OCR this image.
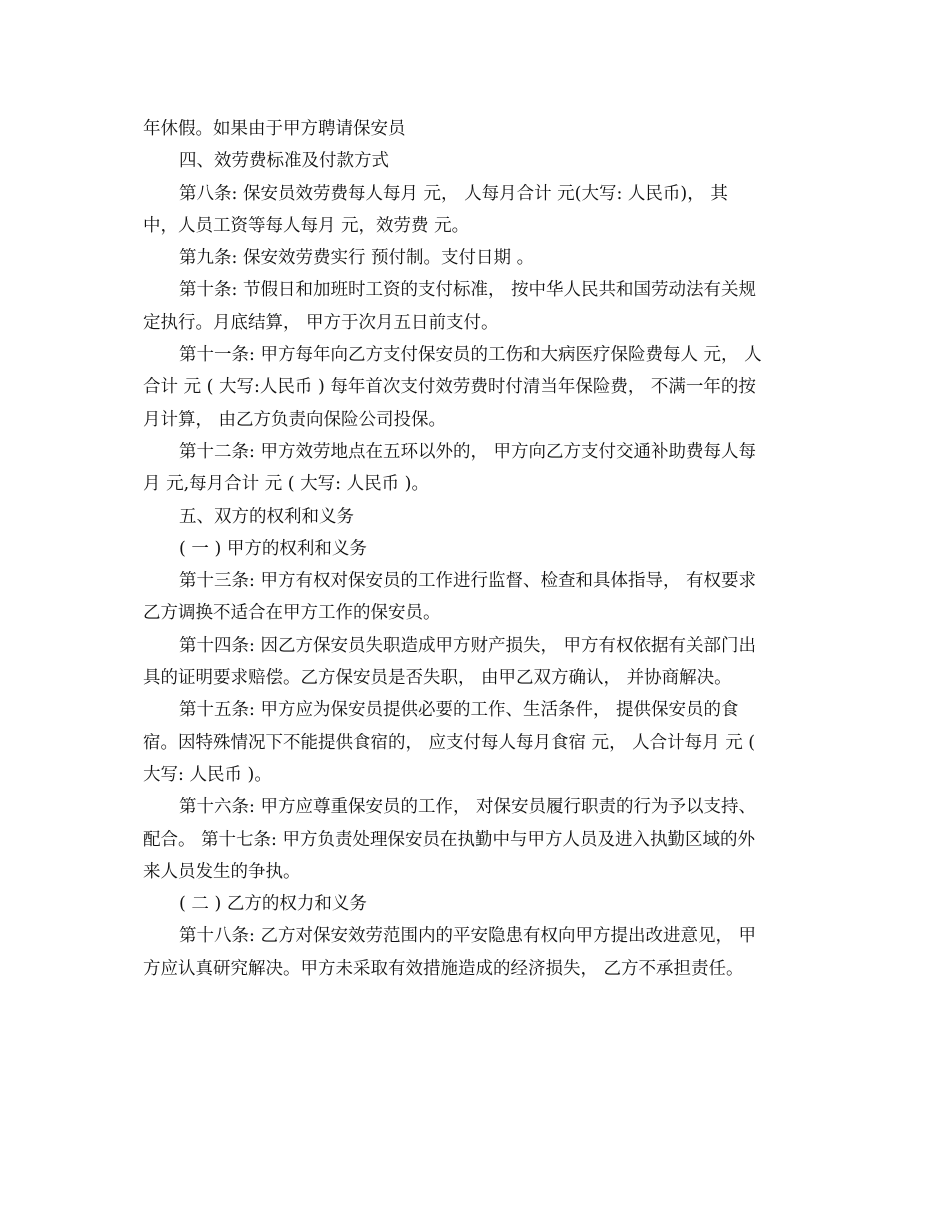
年休假。如果由于甲方聘请保安员
四、效劳费标准及付款方式
第八条: 保安员效劳费每人每月 元， 人每月合计 元(大写: 人民币)， 其
中，人员工资等每人每月 元，效劳费 元。
第九条: 保安效劳费实行 预付制。支付日期 。
第十条: 节假日和加班时工资的支付标准， 按中华人民共和国劳动法有关规
定执行。月底结算， 甲方于次月五日前支付。
第十一条: 甲方每年向乙方支付保安员的工伤和大病医疗保险费每人 元， 人
合计 元 ( 大写:人民币 ) 每年首次支付效劳费时付清当年保险费， 不满一年的按
月计算， 由乙方负责向保险公司投保。
第十二条: 甲方效劳地点在五环以外的， 甲方向乙方支付交通补助费每人每
月 元,每月合计 元 ( 大写: 人民币 )。
五、双方的权利和义务
( 一 ) 甲方的权利和义务
第十三条: 甲方有权对保安员的工作进行监督、检查和具体指导， 有权要求
乙方调换不适合在甲方工作的保安员。
第十四条: 因乙方保安员失职造成甲方财产损失， 甲方有权依据有关部门出
具的证明要求赔偿。乙方保安员是否失职， 由甲乙双方确认， 并协商解决。
第十五条: 甲方应为保安员提供必要的工作、生活条件， 提供保安员的食
宿。因特殊情况下不能提供食宿的， 应支付每人每月食宿 元， 人合计每月 元 (
大写: 人民币 )。
第十六条: 甲方应尊重保安员的工作， 对保安员履行职责的行为予以支持、
配合。 第十七条: 甲方负责处理保安员在执勤中与甲方人员及进入执勤区域的外
来人员发生的争执。
( 二 ) 乙方的权力和义务
第十八条: 乙方对保安效劳范围内的平安隐患有权向甲方提出改进意见， 甲
方应认真研究解决。甲方未采取有效措施造成的经济损失， 乙方不承担责任。
